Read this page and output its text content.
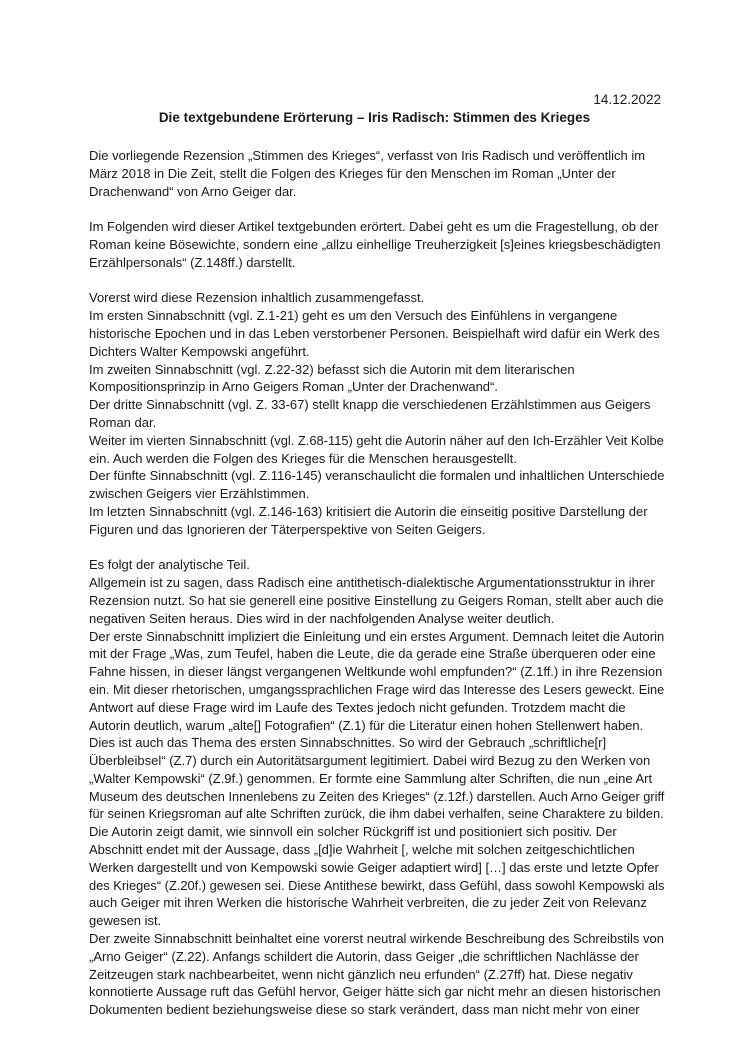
14.12.2022
Die textgebundene Erörterung – Iris Radisch: Stimmen des Krieges
Die vorliegende Rezension „Stimmen des Krieges“, verfasst von Iris Radisch und veröffentlich im
März 2018 in Die Zeit, stellt die Folgen des Krieges für den Menschen im Roman „Unter der
Drachenwand“ von Arno Geiger dar.
Im Folgenden wird dieser Artikel textgebunden erörtert. Dabei geht es um die Fragestellung, ob der
Roman keine Bösewichte, sondern eine „allzu einhellige Treuherzigkeit [s]eines kriegsbeschädigten
Erzählpersonals“ (Z.148ff.) darstellt.
Vorerst wird diese Rezension inhaltlich zusammengefasst.
Im ersten Sinnabschnitt (vgl. Z.1-21) geht es um den Versuch des Einfühlens in vergangene
historische Epochen und in das Leben verstorbener Personen. Beispielhaft wird dafür ein Werk des
Dichters Walter Kempowski angeführt.
Im zweiten Sinnabschnitt (vgl. Z.22-32) befasst sich die Autorin mit dem literarischen
Kompositionsprinzip in Arno Geigers Roman „Unter der Drachenwand“.
Der dritte Sinnabschnitt (vgl. Z. 33-67) stellt knapp die verschiedenen Erzählstimmen aus Geigers
Roman dar.
Weiter im vierten Sinnabschnitt (vgl. Z.68-115) geht die Autorin näher auf den Ich-Erzähler Veit Kolbe
ein. Auch werden die Folgen des Krieges für die Menschen herausgestellt.
Der fünfte Sinnabschnitt (vgl. Z.116-145) veranschaulicht die formalen und inhaltlichen Unterschiede
zwischen Geigers vier Erzählstimmen.
Im letzten Sinnabschnitt (vgl. Z.146-163) kritisiert die Autorin die einseitig positive Darstellung der
Figuren und das Ignorieren der Täterperspektive von Seiten Geigers.
Es folgt der analytische Teil.
Allgemein ist zu sagen, dass Radisch eine antithetisch-dialektische Argumentationsstruktur in ihrer
Rezension nutzt. So hat sie generell eine positive Einstellung zu Geigers Roman, stellt aber auch die
negativen Seiten heraus. Dies wird in der nachfolgenden Analyse weiter deutlich.
Der erste Sinnabschnitt impliziert die Einleitung und ein erstes Argument. Demnach leitet die Autorin
mit der Frage „Was, zum Teufel, haben die Leute, die da gerade eine Straße überqueren oder eine
Fahne hissen, in dieser längst vergangenen Weltkunde wohl empfunden?“ (Z.1ff.) in ihre Rezension
ein. Mit dieser rhetorischen, umgangssprachlichen Frage wird das Interesse des Lesers geweckt. Eine
Antwort auf diese Frage wird im Laufe des Textes jedoch nicht gefunden. Trotzdem macht die
Autorin deutlich, warum „alte[] Fotografien“ (Z.1) für die Literatur einen hohen Stellenwert haben.
Dies ist auch das Thema des ersten Sinnabschnittes. So wird der Gebrauch „schriftliche[r]
Überbleibsel“ (Z.7) durch ein Autoritätsargument legitimiert. Dabei wird Bezug zu den Werken von
„Walter Kempowski“ (Z.9f.) genommen. Er formte eine Sammlung alter Schriften, die nun „eine Art
Museum des deutschen Innenlebens zu Zeiten des Krieges“ (z.12f.) darstellen. Auch Arno Geiger griff
für seinen Kriegsroman auf alte Schriften zurück, die ihm dabei verhalfen, seine Charaktere zu bilden.
Die Autorin zeigt damit, wie sinnvoll ein solcher Rückgriff ist und positioniert sich positiv. Der
Abschnitt endet mit der Aussage, dass „[d]ie Wahrheit [, welche mit solchen zeitgeschichtlichen
Werken dargestellt und von Kempowski sowie Geiger adaptiert wird] […] das erste und letzte Opfer
des Krieges“ (Z.20f.) gewesen sei. Diese Antithese bewirkt, dass Gefühl, dass sowohl Kempowski als
auch Geiger mit ihren Werken die historische Wahrheit verbreiten, die zu jeder Zeit von Relevanz
gewesen ist.
Der zweite Sinnabschnitt beinhaltet eine vorerst neutral wirkende Beschreibung des Schreibstils von
„Arno Geiger“ (Z.22). Anfangs schildert die Autorin, dass Geiger „die schriftlichen Nachlässe der
Zeitzeugen stark nachbearbeitet, wenn nicht gänzlich neu erfunden“ (Z.27ff) hat. Diese negativ
konnotierte Aussage ruft das Gefühl hervor, Geiger hätte sich gar nicht mehr an diesen historischen
Dokumenten bedient beziehungsweise diese so stark verändert, dass man nicht mehr von einer
